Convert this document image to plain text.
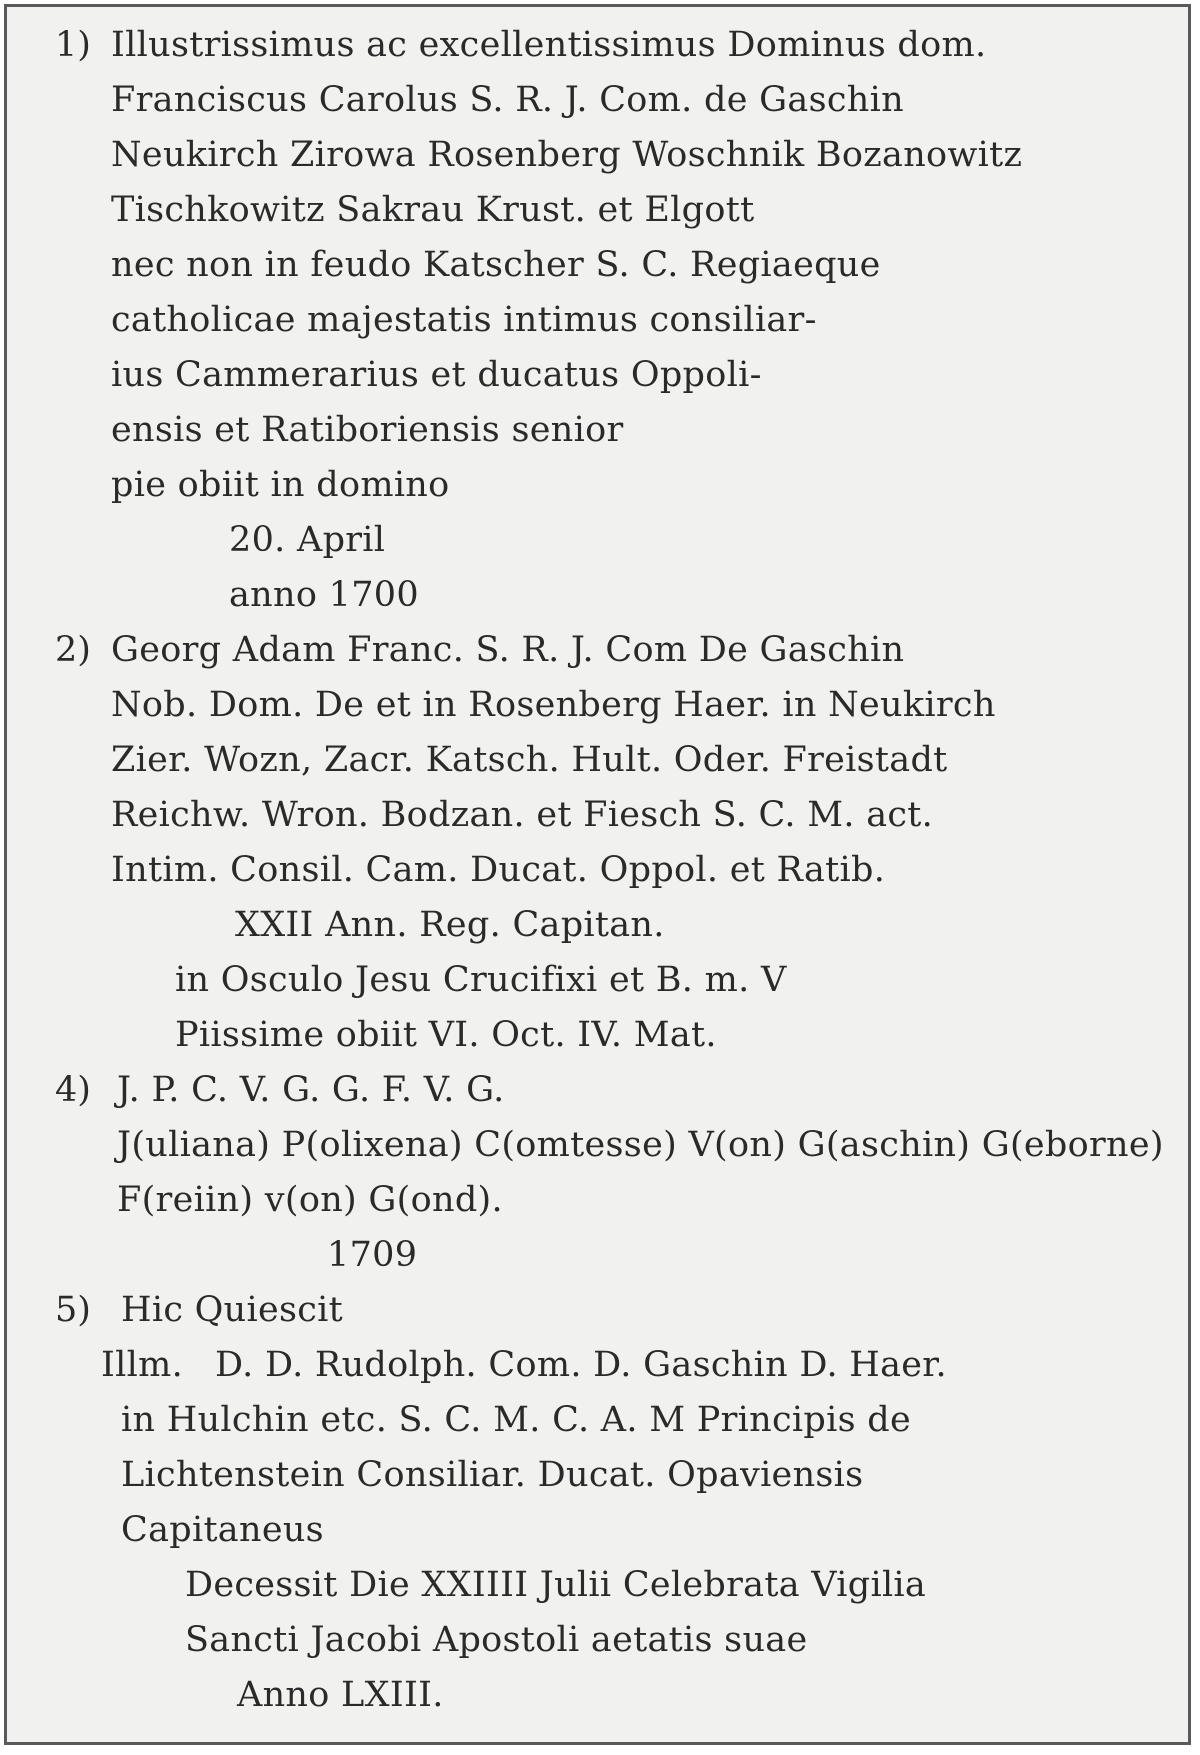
1) Illustrissimus ac excellentissimus Dominus dom.
Franciscus Carolus S. R. J. Com. de Gaschin
Neukirch Zirowa Rosenberg Woschnik Bozanowitz
Tischkowitz Sakrau Krust. et Elgott
nec non in feudo Katscher S. C. Regiaeque
catholicae majestatis intimus consiliar-
ius Cammerarius et ducatus Oppoli-
ensis et Ratiboriensis senior
pie obiit in domino
20. April
anno 1700
2) Georg Adam Franc. S. R. J. Com De Gaschin
Nob. Dom. De et in Rosenberg Haer. in Neukirch
Zier. Wozn, Zacr. Katsch. Hult. Oder. Freistadt
Reichw. Wron. Bodzan. et Fiesch S. C. M. act.
Intim. Consil. Cam. Ducat. Oppol. et Ratib.
XXII Ann. Reg. Capitan.
in Osculo Jesu Crucifixi et B. m. V
Piissime obiit VI. Oct. IV. Mat.
4) J. P. C. V. G. G. F. V. G.
J(uliana) P(olixena) C(omtesse) V(on) G(aschin) G(eborne)
F(reiin) v(on) G(ond).
1709
5) Hic Quiescit
Illm. D. D. Rudolph. Com. D. Gaschin D. Haer.
in Hulchin etc. S. C. M. C. A. M Principis de
Lichtenstein Consiliar. Ducat. Opaviensis
Capitaneus
Decessit Die XXIIII Julii Celebrata Vigilia
Sancti Jacobi Apostoli aetatis suae
Anno LXIII.
